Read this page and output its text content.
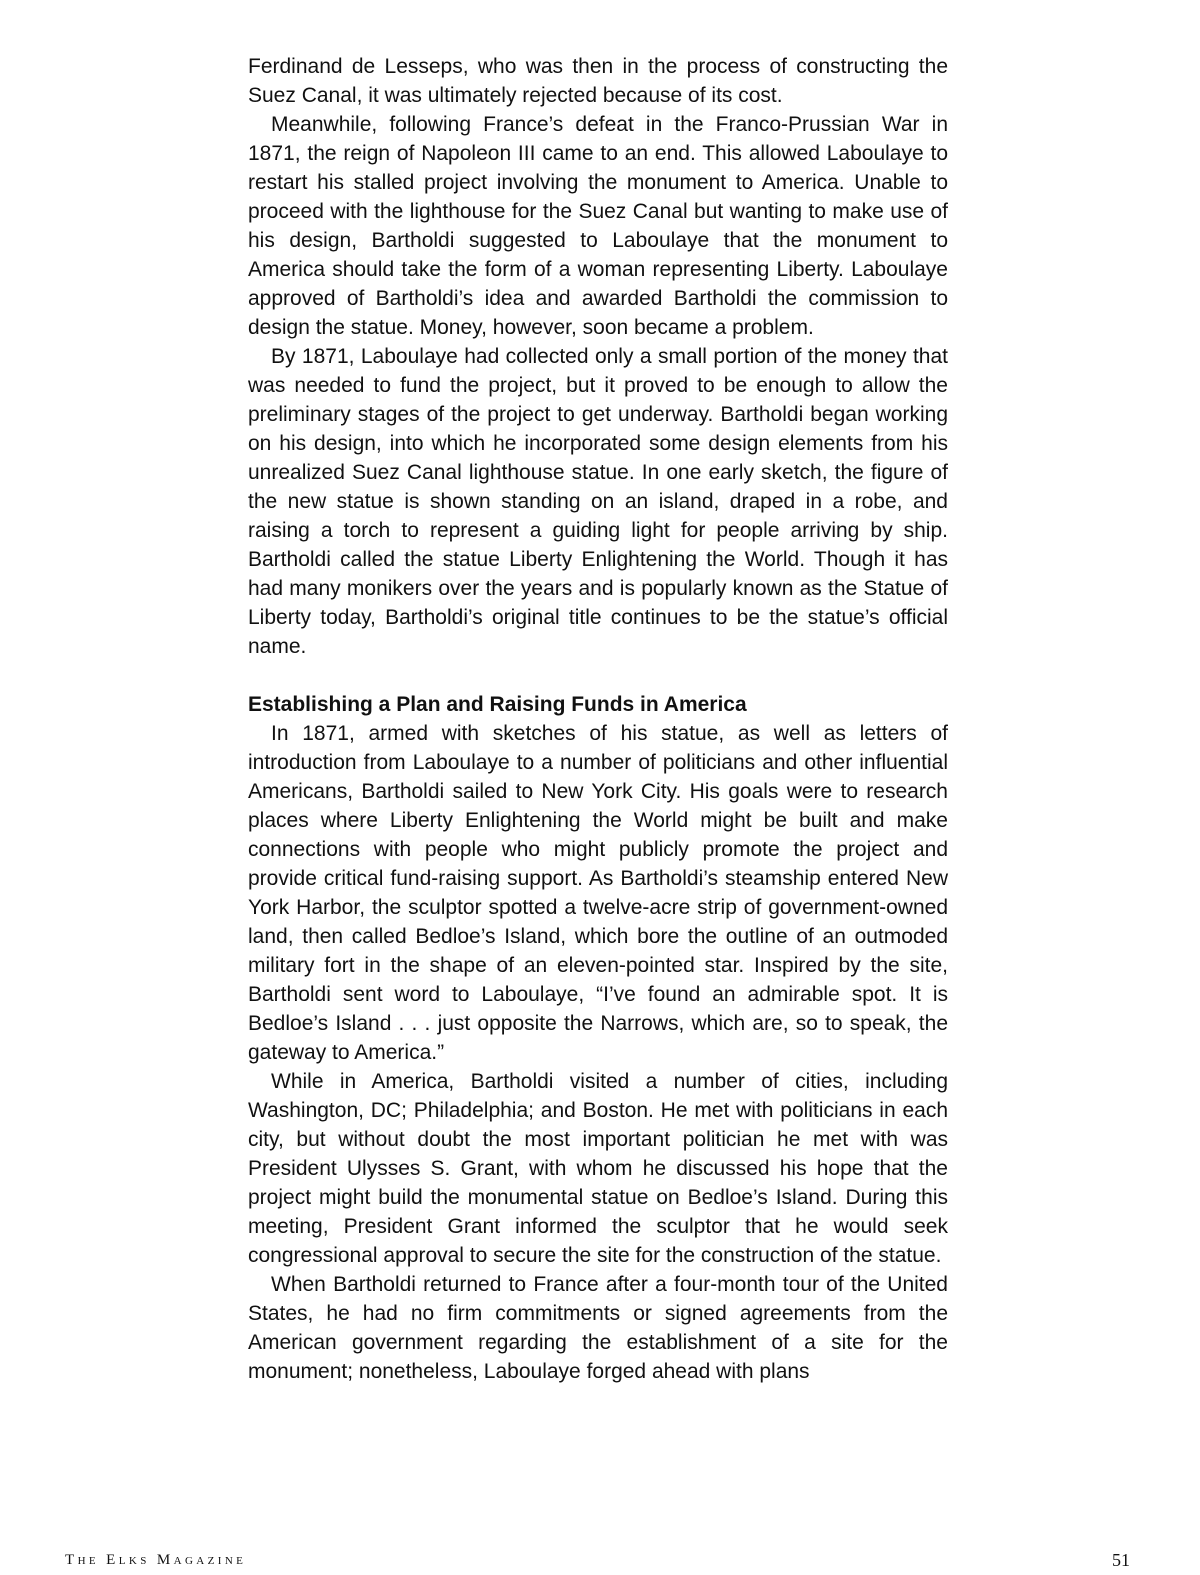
Ferdinand de Lesseps, who was then in the process of constructing the Suez Canal, it was ultimately rejected because of its cost.

Meanwhile, following France’s defeat in the Franco-Prussian War in 1871, the reign of Napoleon III came to an end. This allowed Laboulaye to restart his stalled project involving the monument to America. Unable to proceed with the lighthouse for the Suez Canal but wanting to make use of his design, Bartholdi suggested to Laboulaye that the monument to America should take the form of a woman representing Liberty. Laboulaye approved of Bartholdi’s idea and awarded Bartholdi the commission to design the statue. Money, however, soon became a problem.

By 1871, Laboulaye had collected only a small portion of the money that was needed to fund the project, but it proved to be enough to allow the preliminary stages of the project to get underway. Bartholdi began working on his design, into which he incorporated some design elements from his unrealized Suez Canal lighthouse statue. In one early sketch, the figure of the new statue is shown standing on an island, draped in a robe, and raising a torch to represent a guiding light for people arriving by ship. Bartholdi called the statue Liberty Enlightening the World. Though it has had many monikers over the years and is popularly known as the Statue of Liberty today, Bartholdi’s original title continues to be the statue’s official name.

Establishing a Plan and Raising Funds in America

In 1871, armed with sketches of his statue, as well as letters of introduction from Laboulaye to a number of politicians and other influential Americans, Bartholdi sailed to New York City. His goals were to research places where Liberty Enlightening the World might be built and make connections with people who might publicly promote the project and provide critical fund-raising support. As Bartholdi’s steamship entered New York Harbor, the sculptor spotted a twelve-acre strip of government-owned land, then called Bedloe’s Island, which bore the outline of an outmoded military fort in the shape of an eleven-pointed star. Inspired by the site, Bartholdi sent word to Laboulaye, “I’ve found an admirable spot. It is Bedloe’s Island . . . just opposite the Narrows, which are, so to speak, the gateway to America.”

While in America, Bartholdi visited a number of cities, including Washington, DC; Philadelphia; and Boston. He met with politicians in each city, but without doubt the most important politician he met with was President Ulysses S. Grant, with whom he discussed his hope that the project might build the monumental statue on Bedloe’s Island. During this meeting, President Grant informed the sculptor that he would seek congressional approval to secure the site for the construction of the statue.

When Bartholdi returned to France after a four-month tour of the United States, he had no firm commitments or signed agreements from the American government regarding the establishment of a site for the monument; nonetheless, Laboulaye forged ahead with plans

The Elks Magazine	51
